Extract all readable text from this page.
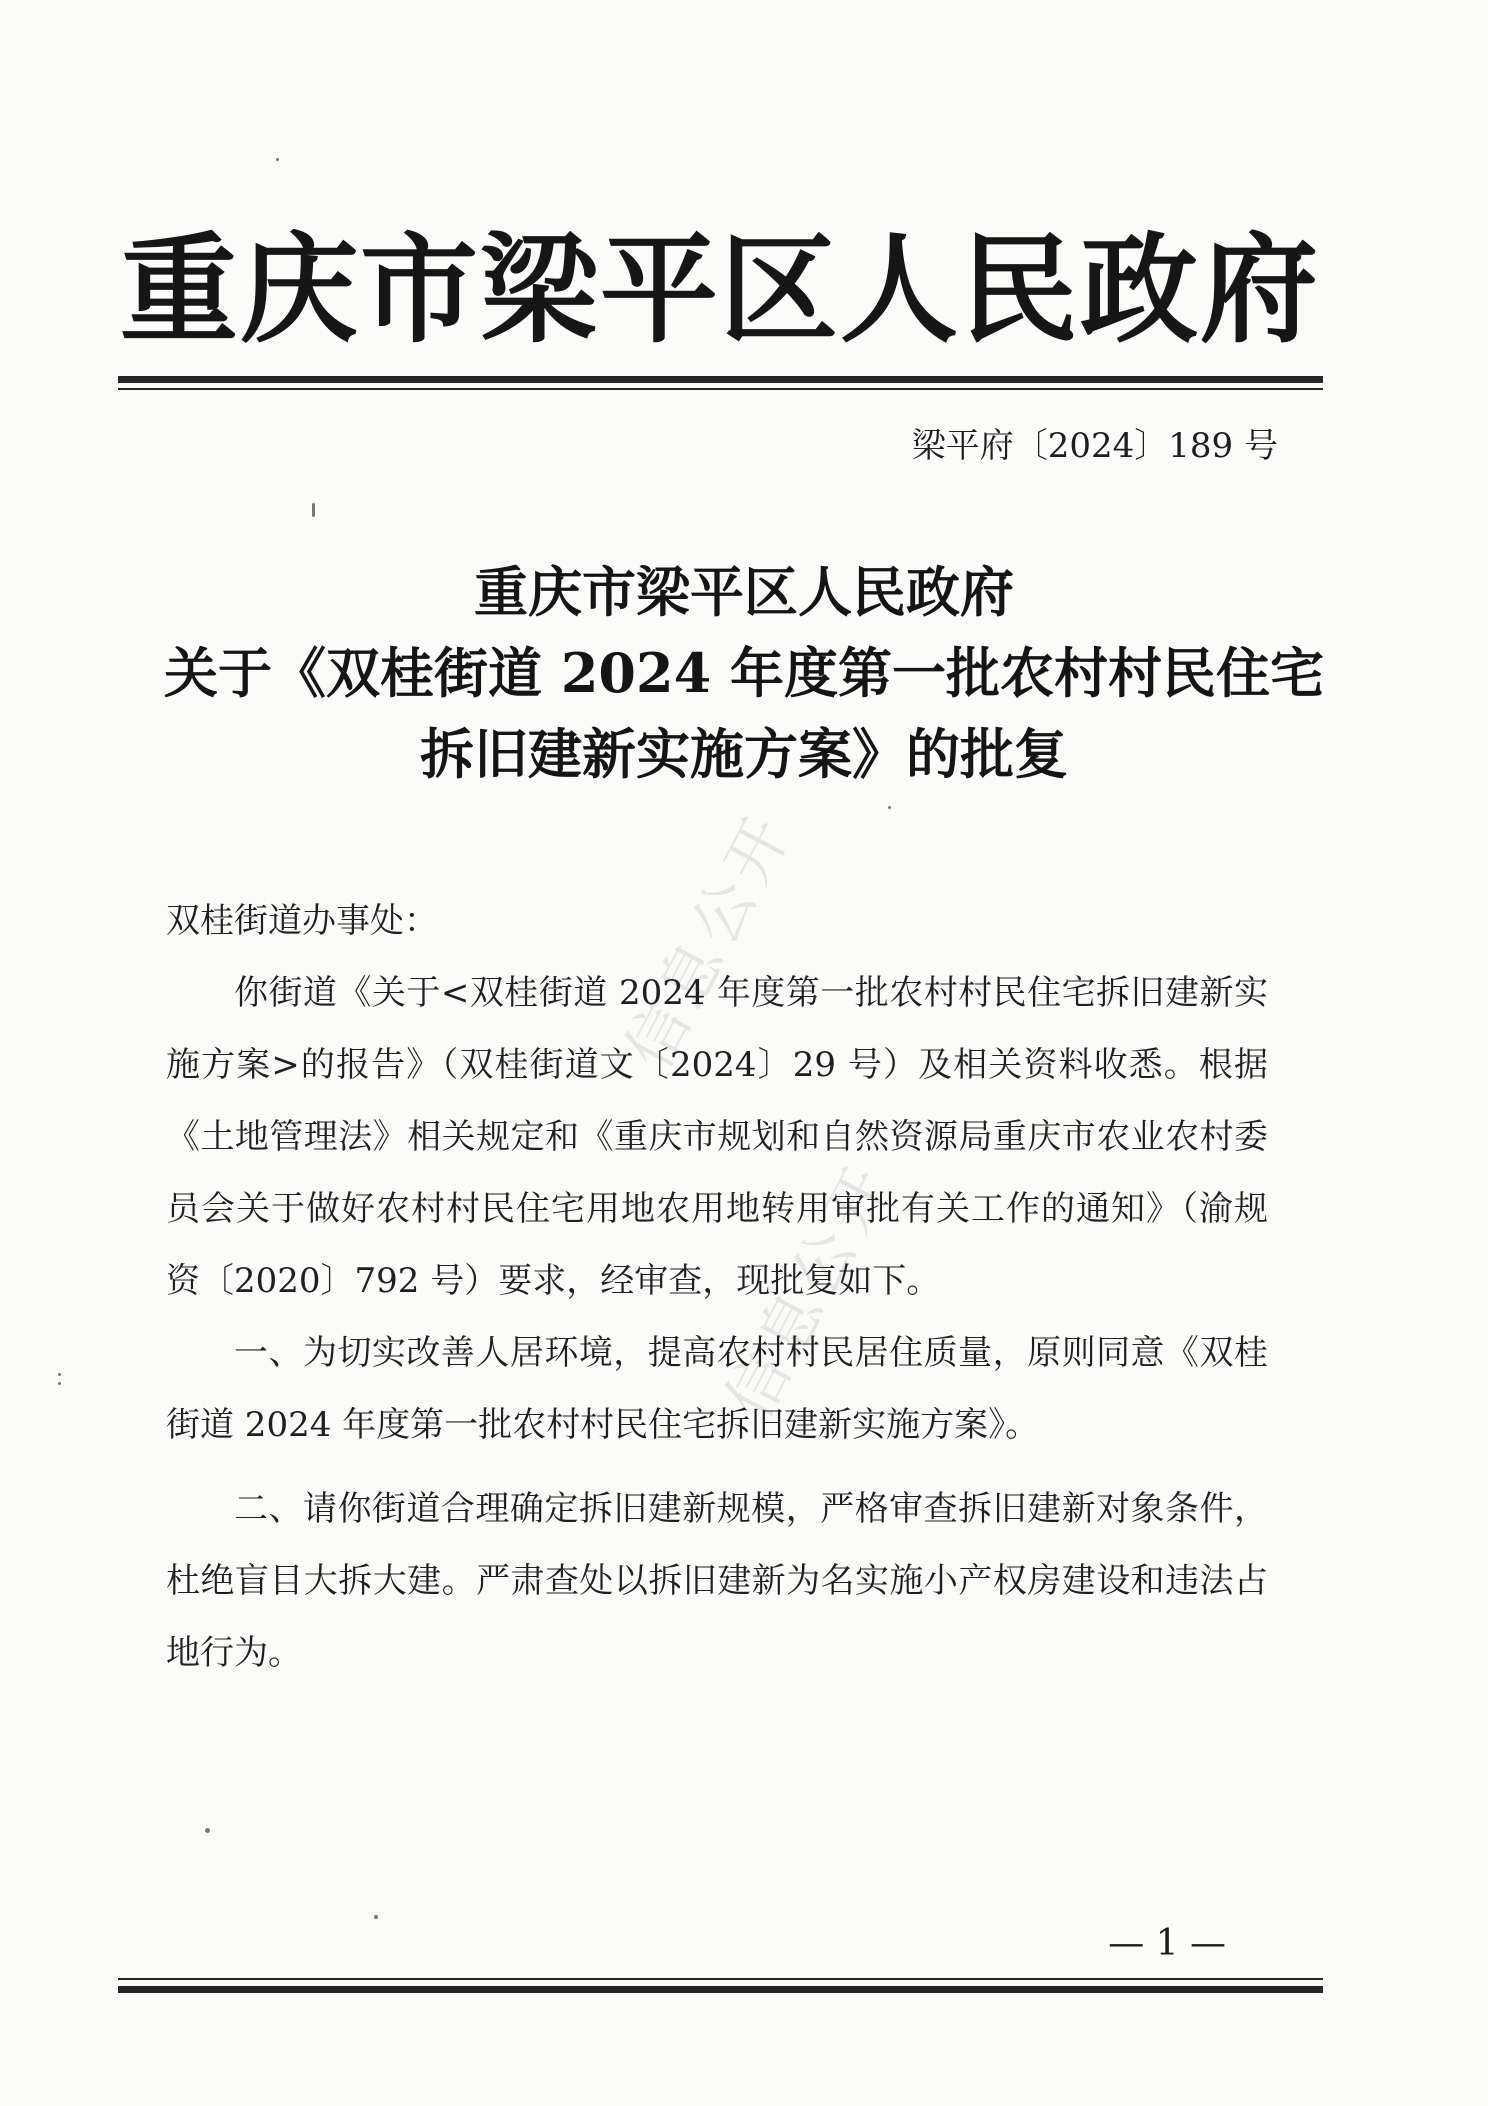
重庆市梁平区人民政府
梁平府〔2024〕189 号
重庆市梁平区人民政府
关于《双桂街道 2024 年度第一批农村村民住宅
拆旧建新实施方案》的批复
信息公开
信息公开

双桂街道办事处：

你街道《关于<双桂街道 2024 年度第一批农村村民住宅拆旧建新实施方案>的报告》（双桂街道文〔2024〕29 号）及相关资料收悉。根据《土地管理法》相关规定和《重庆市规划和自然资源局重庆市农业农村委员会关于做好农村村民住宅用地农用地转用审批有关工作的通知》（渝规资〔2020〕792 号）要求，经审查，现批复如下。

一、为切实改善人居环境，提高农村村民居住质量，原则同意《双桂街道 2024 年度第一批农村村民住宅拆旧建新实施方案》。

二、请你街道合理确定拆旧建新规模，严格审查拆旧建新对象条件，杜绝盲目大拆大建。严肃查处以拆旧建新为名实施小产权房建设和违法占地行为。

— 1 —
